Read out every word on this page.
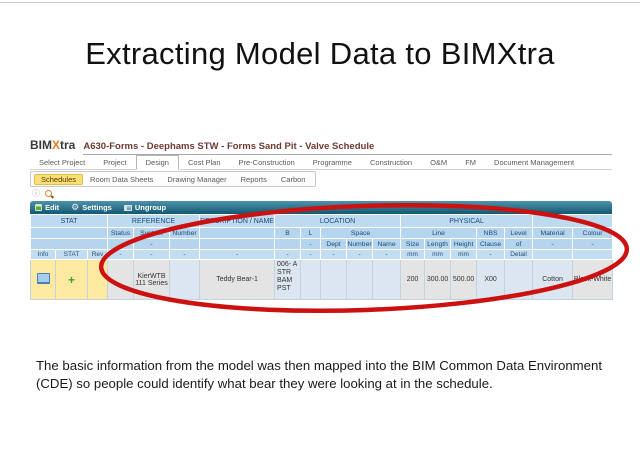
Extracting Model Data to BIMXtra
BIMXtra A630-Forms - Deephams STW - Forms Sand Pit - Valve Schedule
Select Project	Project	Design	Cost Plan	Pre-Construction	Programme	Construction	O&M	FM	Document Management
Schedules	Room Data Sheets	Drawing Manager	Reports	Carbon
ⓘ
Edit ⚙ Settings	Ungroup
STAT			REFERENCE			DESCRIPTION / NAME	LOCATION					PHYSICAL						
			Status	System	Number		B	L	Space			Line			NBS	Level	Material	Colour
				-				-	Dept	Number	Name	Size	Length	Height	Clause	of	-	-
Info	STAT	Rev	-	-	-	-	-	-	-	-	-	mm	mm	mm	-	Detail		
	+			KierWTB 111 Series		Teddy Bear-1	006- A STR BAM PST					200	300.00	500.00	X00		Cotton	Black-White

The basic information from the model was then mapped into the BIM Common Data Environment (CDE) so people could identify what bear they were looking at in the schedule.
